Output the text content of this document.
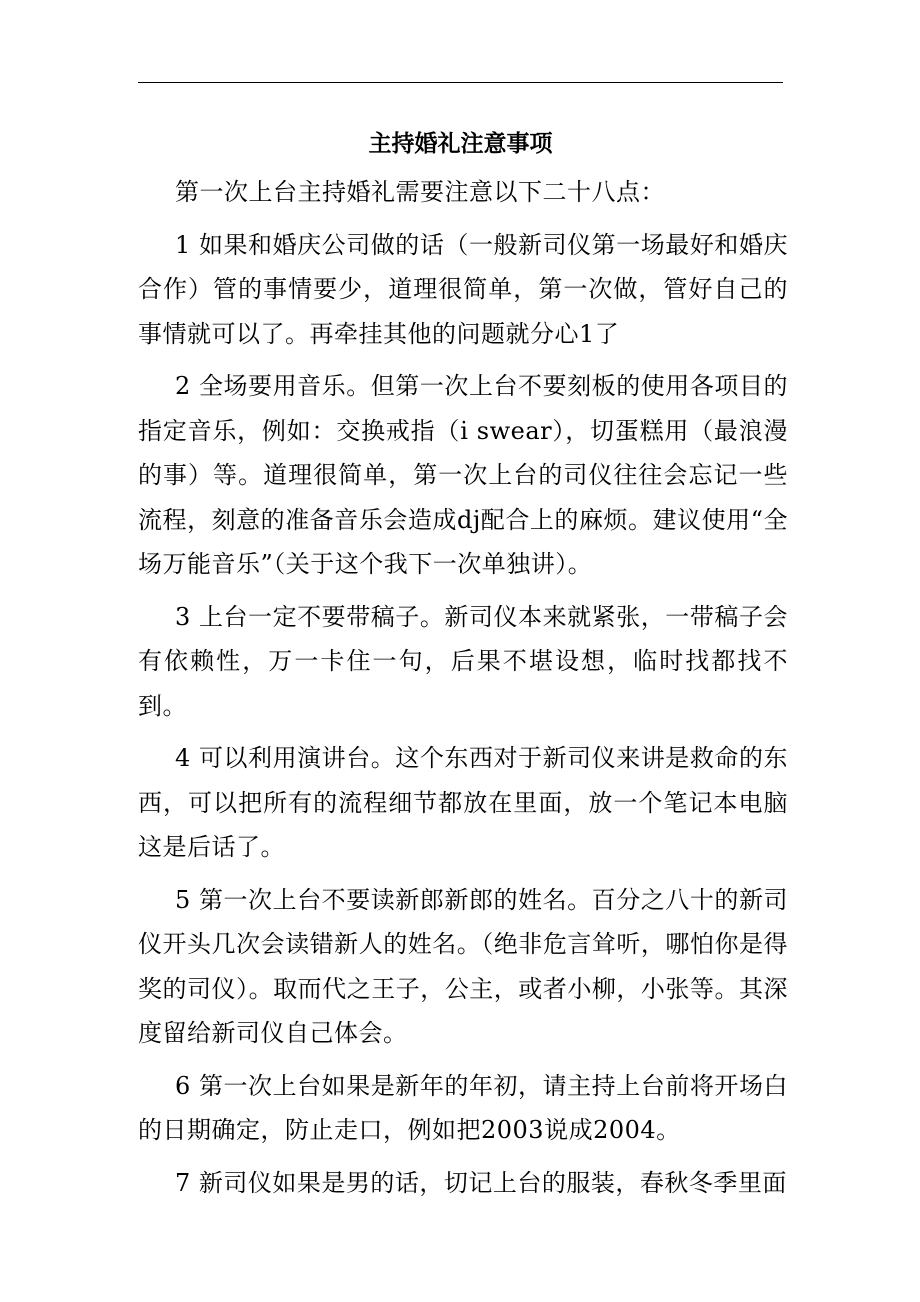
主持婚礼注意事项

第一次上台主持婚礼需要注意以下二十八点：

1 如果和婚庆公司做的话（一般新司仪第一场最好和婚庆合作）管的事情要少，道理很简单，第一次做，管好自己的事情就可以了。再牵挂其他的问题就分心1了

2 全场要用音乐。但第一次上台不要刻板的使用各项目的指定音乐，例如：交换戒指（i swear），切蛋糕用（最浪漫的事）等。道理很简单，第一次上台的司仪往往会忘记一些流程，刻意的准备音乐会造成dj配合上的麻烦。建议使用“全场万能音乐”（关于这个我下一次单独讲）。

3 上台一定不要带稿子。新司仪本来就紧张，一带稿子会有依赖性，万一卡住一句，后果不堪设想，临时找都找不到。

4 可以利用演讲台。这个东西对于新司仪来讲是救命的东西，可以把所有的流程细节都放在里面，放一个笔记本电脑这是后话了。

5 第一次上台不要读新郎新郎的姓名。百分之八十的新司仪开头几次会读错新人的姓名。（绝非危言耸听，哪怕你是得奖的司仪）。取而代之王子，公主，或者小柳，小张等。其深度留给新司仪自己体会。

6 第一次上台如果是新年的年初，请主持上台前将开场白的日期确定，防止走口，例如把2003说成2004。

7 新司仪如果是男的话，切记上台的服装，春秋冬季里面
